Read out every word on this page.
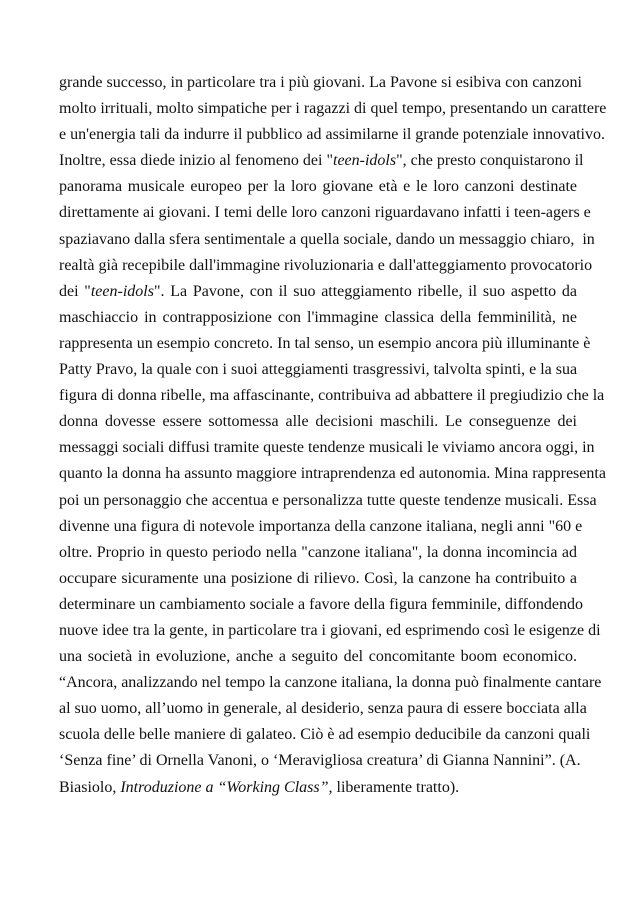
grande successo, in particolare tra i più giovani. La Pavone si esibiva con canzoni
molto irrituali, molto simpatiche per i ragazzi di quel tempo, presentando un carattere
e un'energia tali da indurre il pubblico ad assimilarne il grande potenziale innovativo.
Inoltre, essa diede inizio al fenomeno dei "teen-idols", che presto conquistarono il
panorama musicale europeo per la loro giovane età e le loro canzoni destinate
direttamente ai giovani. I temi delle loro canzoni riguardavano infatti i teen-agers e
spaziavano dalla sfera sentimentale a quella sociale, dando un messaggio chiaro,  in
realtà già recepibile dall'immagine rivoluzionaria e dall'atteggiamento provocatorio
dei "teen-idols". La Pavone, con il suo atteggiamento ribelle, il suo aspetto da
maschiaccio in contrapposizione con l'immagine classica della femminilità, ne
rappresenta un esempio concreto. In tal senso, un esempio ancora più illuminante è
Patty Pravo, la quale con i suoi atteggiamenti trasgressivi, talvolta spinti, e la sua
figura di donna ribelle, ma affascinante, contribuiva ad abbattere il pregiudizio che la
donna dovesse essere sottomessa alle decisioni maschili. Le conseguenze dei
messaggi sociali diffusi tramite queste tendenze musicali le viviamo ancora oggi, in
quanto la donna ha assunto maggiore intraprendenza ed autonomia. Mina rappresenta
poi un personaggio che accentua e personalizza tutte queste tendenze musicali. Essa
divenne una figura di notevole importanza della canzone italiana, negli anni "60 e
oltre. Proprio in questo periodo nella "canzone italiana", la donna incomincia ad
occupare sicuramente una posizione di rilievo. Così, la canzone ha contribuito a
determinare un cambiamento sociale a favore della figura femminile, diffondendo
nuove idee tra la gente, in particolare tra i giovani, ed esprimendo così le esigenze di
una società in evoluzione, anche a seguito del concomitante boom economico.
“Ancora, analizzando nel tempo la canzone italiana, la donna può finalmente cantare
al suo uomo, all’uomo in generale, al desiderio, senza paura di essere bocciata alla
scuola delle belle maniere di galateo. Ciò è ad esempio deducibile da canzoni quali
‘Senza fine’ di Ornella Vanoni, o ‘Meravigliosa creatura’ di Gianna Nannini”. (A.
Biasiolo, Introduzione a “Working Class”, liberamente tratto).
